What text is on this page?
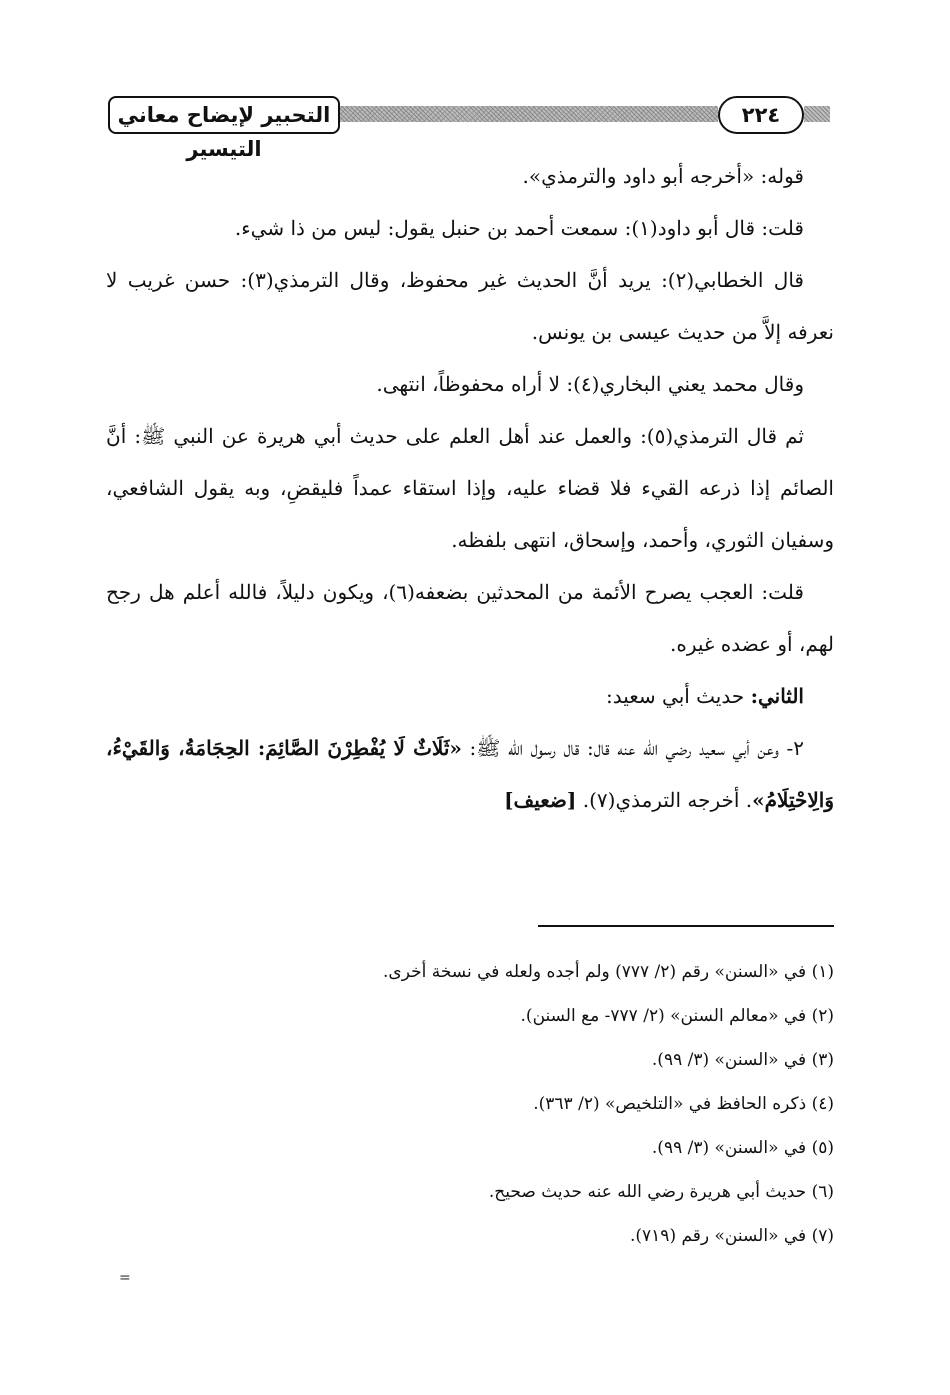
التحبير لإيضاح معاني التيسير
٢٢٤

قوله: «أخرجه أبو داود والترمذي».

قلت: قال أبو داود(١): سمعت أحمد بن حنبل يقول: ليس من ذا شيء.

قال الخطابي(٢): يريد أنَّ الحديث غير محفوظ، وقال الترمذي(٣): حسن غريب لا نعرفه إلاَّ من حديث عيسى بن يونس.

وقال محمد يعني البخاري(٤): لا أراه محفوظاً، انتهى.

ثم قال الترمذي(٥): والعمل عند أهل العلم على حديث أبي هريرة عن النبي ﷺ: أنَّ الصائم إذا ذرعه القيء فلا قضاء عليه، وإذا استقاء عمداً فليقضِ، وبه يقول الشافعي، وسفيان الثوري، وأحمد، وإسحاق، انتهى بلفظه.

قلت: العجب يصرح الأئمة من المحدثين بضعفه(٦)، ويكون دليلاً، فالله أعلم هل رجح لهم، أو عضده غيره.

الثاني: حديث أبي سعيد:

٢- وعن أبي سعيد رضي الله عنه قال: قال رسول الله ﷺ: «ثَلَاثٌ لَا يُفْطِرْنَ الصَّائِمَ: الحِجَامَةُ، وَالقَيْءُ، وَالِاحْتِلَامُ». أخرجه الترمذي(٧). [ضعيف]

(١) في «السنن» رقم (٢/ ٧٧٧) ولم أجده ولعله في نسخة أخرى.

(٢) في «معالم السنن» (٢/ ٧٧٧- مع السنن).

(٣) في «السنن» (٣/ ٩٩).

(٤) ذكره الحافظ في «التلخيص» (٢/ ٣٦٣).

(٥) في «السنن» (٣/ ٩٩).

(٦) حديث أبي هريرة رضي الله عنه حديث صحيح.

(٧) في «السنن» رقم (٧١٩).

=
